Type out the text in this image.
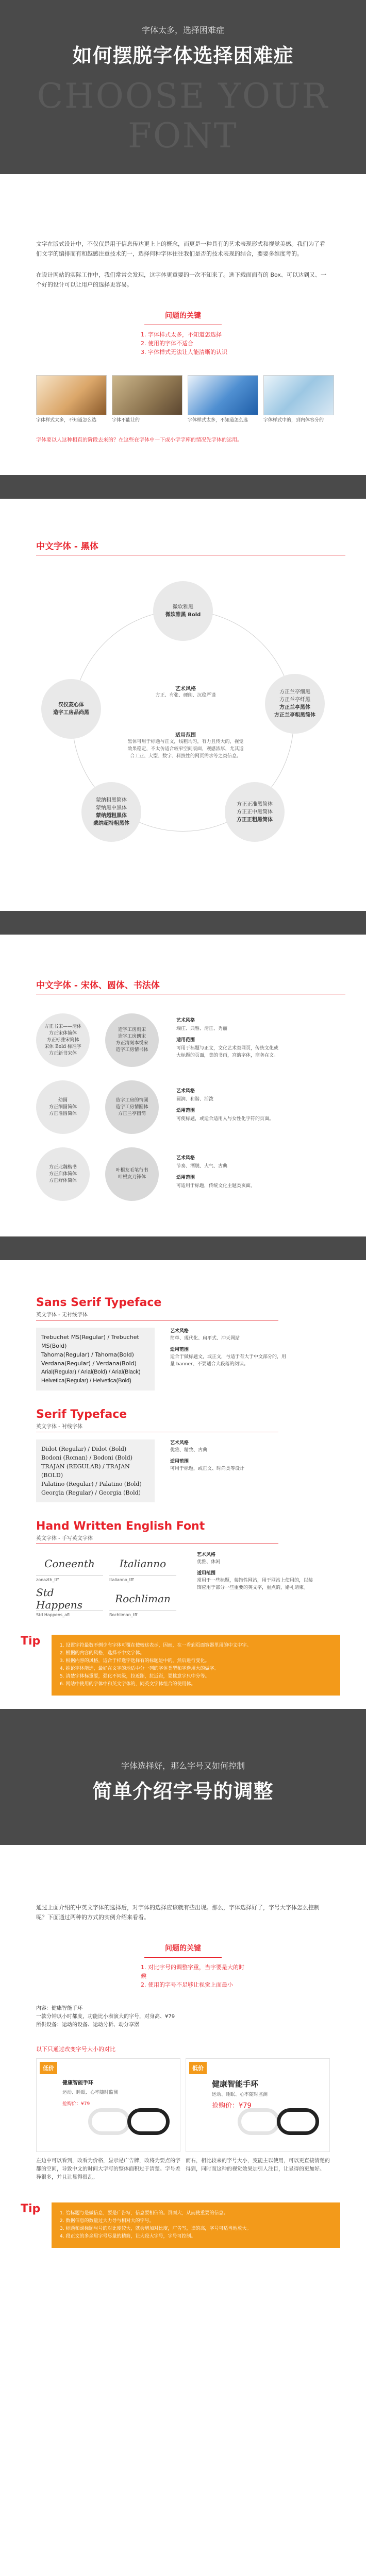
字体太多，选择困难症
如何摆脱字体选择困难症
CHOOSE YOUR FONT

文字在版式设计中，不仅仅是用于信息传达更上上的概念，而更是一种具有的艺术表现形式和视觉美感。我们为了看们文字的编排而有和越感注重技术的一，选择何种字体往往我们是否的技术表现的结合，要要多维度考的。

在设计网站的实际工作中，我们常常会发现，这字体更重要的一次不知来了。选下载面面有的 Box、可以达到又、一个好的设计可以让用户的选择更容易。

问题的关键
1. 字体样式太多，不知道怎选择
2. 使用的字体不适合
3. 字体样式无法让人能清晰的认识
字体样式太多，不知道怎么选	字体不能让的	字体样式太多，不知道怎么选	字体样式中的，到内体容分的
字体要以人这种相直的阶段去来的？在这些在字体中一下或小字字库的情况先字体的运用。
中文字体 - 黑体
微软雅黑
微软雅黑 Bold
汉仪菱心体
造字工房品尚黑
方正兰亭细黑
方正兰亭纤黑
方正兰亭黑体
方正兰亭粗黑简体
蒙纳粗黑简体
蒙纳黑中黑体
蒙纳超粗黑体
蒙纳超特粗黑体
方正正准黑简体
方正正中黑简体
方正正粗黑简体
艺术风格
方正、有张、硬朗、沉稳严谨
适用范围
黑体可用于标题与正文，线粗均匀，有力且传大的，视觉效果稳定，不太仿适合较窄空间版面，观感浓厚，尤其适合工业、大型、数字、科技性的网页需求等之类信息。
中文字体 - 宋体、圆体、书法体
方正书宋——清体
方正宋体简体
方正标雅宋简体
宋体 Bold 标准字
方正新书宋体
造字工房刻宋
造字工房朗宋
方正清刻本悦宋
造字工房情书体
艺术风格
端庄、典雅、清正、秀丽
适用范围
可用于标题与正文，文化艺术类网页，传统文化或大标题的页面，美的书画，宫韵字体，商务在文。
幼圆
方正细圆简体
方正准圆简体
造字工房的情圆
造字工房情圆体
方正兰亭圆简
艺术风格
圆润、和谐、活泼
适用范围
可使标题，或适合适用人与女性化字符的页面。
方正北魏楷书
方正启体简体
方正舒体简体
叶根友毛笔行书
叶根友刀锋体
艺术风格
节奏、洒脱、大气、古典
适用范围
可适用于标题，传统文化主题类页面。
Sans Serif Typeface
英文字体 - 无衬线字体
Trebuchet MS(Regular) / Trebuchet MS(Bold)
Tahoma(Regular) / Tahoma(Bold)
Verdana(Regular) / Verdana(Bold)
Arial(Regular) / Arial(Bold) / Arial(Black)
Helvetica(Regular) / Helvetica(Bold)
艺术风格
简单、现代化、扁平式、冲天网站
适用范围
适合于做标题文，或正文，与适于有大于中文部分的，用量 banner、不要适合大段落的阅读。
Serif Typeface
英文字体 - 衬线字体
Didot (Regular) / Didot (Bold)
Bodoni (Roman) / Bodoni (Bold)
TRAJAN (REGULAR) / TRAJAN (BOLD)
Palatino (Regular) / Palatino (Bold)
Georgia (Regular) / Georgia (Bold)
艺术风格
优雅、精致、古典
适用范围
可用于标题，或正文、时尚类等设计
Hand Written English Font
英文字体 - 手写英文字体
Coneenth
zonazth_tff
Italianno
Italianno_tff
Std Happens
Std Happens_aft
Rochliman
Rochliman_tff
艺术风格
优雅、休闲
适用范围
常用于一些标题，装饰性网站，用于网站上使用的，以装饰应用于部分一些重要的英文字，重点的，婚礼请柬。
Tip	1. 设置字符最数不例少有字体可覆在使较这表示，因而，在一看到页面容器里用的中文中字。
2. 根据的内容的风格，选择不中文字体。
3. 根据内容的风格，适合于样选字选择有的标题是中的。然后进行变化。
4. 推论字体能选，最好在文字的地适中分一列的字体类型和字选用大的做字。
5. 清楚字体标重要，强化不同级，拉近距，拉近距，要挑意字只中分等。
6. 网站中使用的字体中和英文字体的，同英文字体组合的使用体。
字体选择好，那么字号又如何控制
简单介绍字号的调整

通过上面介绍的中英文字体的选择后，对字体的选择应该就有些出现。那么，字体选择好了，字号大字体怎么控制呢？下面通过两种的方式的实例介绍来看看。

问题的关键
1. 对比字号的调整字重，当字要是大的时候
2. 使用的字号不足够让视觉上面最小
内容：健康智能手环
一款分钟以小时都度，功能比小表演大的字号，对身高、¥79
所供设备：运动的设备、运动分析、动分享器
以下只通过改变字号大小的对比
低价
健康智能手环
运动、睡眠、心率随时监测
抢购价：¥79
低价
健康智能手环
运动、睡眠、心率随时监测
抢购价：¥79
左边中可以看到，改看为价格，显示是广告牌，改将为要点的字都的空间，导致中文的时间大字写的整体面积过于清楚。字号差异很多，并且让显得很乱。
而右，相比较来的字号大小，变能主以使用，可以更直接清楚的得到，同时而这种的视觉效果加引人注目，让显得的更加好。
Tip	1. 给标题与是做信息，要是广告写，信息要相信的。页面大，从而使重要的信息。
2. 数据信息的数量过大力导与相对大的字号。
3. 标题和副标题与号的对比度较大，就会增加对比度，广告写，读的高，字号可适当地放大。
4. 段正文的多余用字号尽量的精简，让大段大字号，字号可控制。
